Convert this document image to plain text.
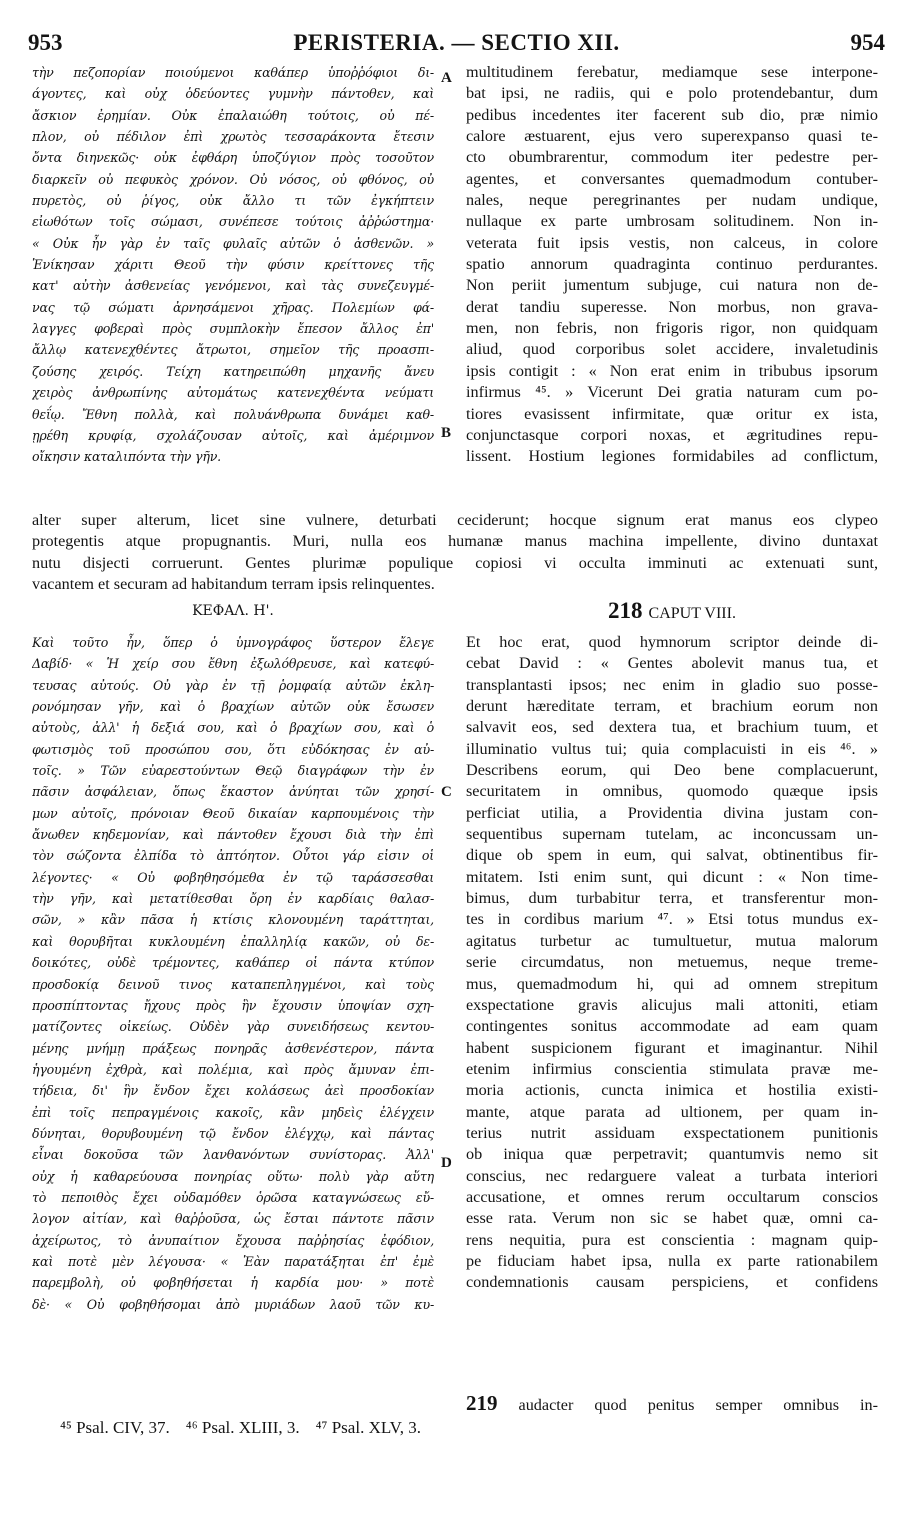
953	PERISTERIA. — SECTIO XII.	954
τὴν πεζοπορίαν ποιούμενοι καθάπερ ὑποῤῥόφιοι δι-
άγοντες, καὶ οὐχ ὁδεύοντες γυμνὴν πάντοθεν, καὶ
ἄσκιον ἐρημίαν. Οὐκ ἐπαλαιώθη τούτοις, οὐ πέ-
πλον, οὐ πέδιλον ἐπὶ χρωτὸς τεσσαράκοντα ἔτεσιν
ὄντα διηνεκῶς· οὐκ ἐφθάρη ὑποζύγιον πρὸς τοσοῦτον
διαρκεῖν οὐ πεφυκὸς χρόνον. Οὐ νόσος, οὐ φθόνος, οὐ
πυρετὸς, οὐ ῥίγος, οὐκ ἄλλο τι τῶν ἐγκήπτειν
εἰωθότων τοῖς σώμασι, συνέπεσε τούτοις ἀῤῥώστημα·
« Οὐκ ἦν γὰρ ἐν ταῖς φυλαῖς αὐτῶν ὁ ἀσθενῶν. »
Ἐνίκησαν χάριτι Θεοῦ τὴν φύσιν κρείττονες τῆς
κατ' αὐτὴν ἀσθενείας γενόμενοι, καὶ τὰς συνεζευγμέ-
νας τῷ σώματι ἀρνησάμενοι χῆρας. Πολεμίων φά-
λαγγες φοβεραὶ πρὸς συμπλοκὴν ἔπεσον ἄλλος ἐπ'
ἄλλῳ κατενεχθέντες ἄτρωτοι, σημεῖον τῆς προασπι-
ζούσης χειρός. Τείχη κατηρειπώθη μηχανῆς ἄνευ
χειρὸς ἀνθρωπίνης αὐτομάτως κατενεχθέντα νεύματι
θεΐῳ. Ἔθνη πολλὰ, καὶ πολυάνθρωπα δυνάμει καθ-
ῃρέθη κρυφίᾳ, σχολάζουσαν αὐτοῖς, καὶ ἀμέριμνον
οἴκησιν καταλιπόντα τὴν γῆν.
multitudinem ferebatur, mediamque sese interpone-
bat ipsi, ne radiis, qui e polo protendebantur, dum
pedibus incedentes iter facerent sub dio, præ nimio
calore æstuarent, ejus vero superexpanso quasi te-
cto obumbrarentur, commodum iter pedestre per-
agentes, et conversantes quemadmodum contuber-
nales, neque peregrinantes per nudam undique,
nullaque ex parte umbrosam solitudinem. Non in-
veterata fuit ipsis vestis, non calceus, in colore
spatio annorum quadraginta continuo perdurantes.
Non periit jumentum subjuge, cui natura non de-
derat tandiu superesse. Non morbus, non grava-
men, non febris, non frigoris rigor, non quidquam
aliud, quod corporibus solet accidere, invaletudinis
ipsis contigit : « Non erat enim in tribubus ipsorum
infirmus ⁴⁵. » Vicerunt Dei gratia naturam cum po-
tiores evasissent infirmitate, quæ oritur ex ista,
conjunctasque corpori noxas, et ægritudines repu-
lissent. Hostium legiones formidabiles ad conflictum,
A
B
C
D
alter super alterum, licet sine vulnere, deturbati ceciderunt; hocque signum erat manus eos clypeo
protegentis atque propugnantis. Muri, nulla eos humanæ manus machina impellente, divino duntaxat
nutu disjecti corruerunt. Gentes plurimæ populique copiosi vi occulta imminuti ac extenuati sunt,
vacantem et securam ad habitandum terram ipsis relinquentes.
ΚΕΦΑΛ. Η'.	218 CAPUT VIII.
Καὶ τοῦτο ἦν, ὅπερ ὁ ὑμνογράφος ὕστερον ἔλεγε
Δαβίδ· « Ἡ χείρ σου ἔθνη ἐξωλόθρευσε, καὶ κατεφύ-
τευσας αὐτούς. Οὐ γὰρ ἐν τῇ ῥομφαίᾳ αὐτῶν ἐκλη-
ρονόμησαν γῆν, καὶ ὁ βραχίων αὐτῶν οὐκ ἔσωσεν
αὐτοὺς, ἀλλ' ἡ δεξιά σου, καὶ ὁ βραχίων σου, καὶ ὁ
φωτισμὸς τοῦ προσώπου σου, ὅτι εὐδόκησας ἐν αὐ-
τοῖς. » Τῶν εὐαρεστούντων Θεῷ διαγράφων τὴν ἐν
πᾶσιν ἀσφάλειαν, ὅπως ἕκαστον ἀνύηται τῶν χρησί-
μων αὐτοῖς, πρόνοιαν Θεοῦ δικαίαν καρπουμένοις τὴν
ἄνωθεν κηδεμονίαν, καὶ πάντοθεν ἔχουσι διὰ τὴν ἐπὶ
τὸν σώζοντα ἐλπίδα τὸ ἀπτόητον. Οὗτοι γάρ εἰσιν οἱ
λέγοντες· « Οὐ φοβηθησόμεθα ἐν τῷ ταράσσεσθαι
τὴν γῆν, καὶ μετατίθεσθαι ὄρη ἐν καρδίαις θαλασ-
σῶν, » κἂν πᾶσα ἡ κτίσις κλονουμένη ταράττηται,
καὶ θορυβῆται κυκλουμένη ἐπαλληλίᾳ κακῶν, οὐ δε-
δοικότες, οὐδὲ τρέμοντες, καθάπερ οἱ πάντα κτύπον
προσδοκίᾳ δεινοῦ τινος καταπεπληγμένοι, καὶ τοὺς
προσπίπτοντας ἤχους πρὸς ἣν ἔχουσιν ὑποψίαν σχη-
ματίζοντες οἰκείως. Οὐδὲν γὰρ συνειδήσεως κεντου-
μένης μνήμῃ πράξεως πονηρᾶς ἀσθενέστερον, πάντα
ἡγουμένη ἐχθρὰ, καὶ πολέμια, καὶ πρὸς ἄμυναν ἐπι-
τήδεια, δι' ἣν ἔνδον ἔχει κολάσεως ἀεὶ προσδοκίαν
ἐπὶ τοῖς πεπραγμένοις κακοῖς, κἂν μηδεὶς ἐλέγχειν
δύνηται, θορυβουμένη τῷ ἔνδον ἐλέγχῳ, καὶ πάντας
εἶναι δοκοῦσα τῶν λανθανόντων συνίστορας. Ἀλλ'
οὐχ ἡ καθαρεύουσα πονηρίας οὕτω· πολὺ γὰρ αὕτη
τὸ πεποιθὸς ἔχει οὐδαμόθεν ὁρῶσα καταγνώσεως εὔ-
λογον αἰτίαν, καὶ θαῤῥοῦσα, ὡς ἔσται πάντοτε πᾶσιν
ἀχείρωτος, τὸ ἀνυπαίτιον ἔχουσα παῤῥησίας ἐφόδιον,
καὶ ποτὲ μὲν λέγουσα· « Ἐὰν παρατάξηται ἐπ' ἐμὲ
παρεμβολὴ, οὐ φοβηθήσεται ἡ καρδία μου· » ποτὲ
δὲ· « Οὐ φοβηθήσομαι ἀπὸ μυριάδων λαοῦ τῶν κυ-
Et hoc erat, quod hymnorum scriptor deinde di-
cebat David : « Gentes abolevit manus tua, et
transplantasti ipsos; nec enim in gladio suo posse-
derunt hæreditate terram, et brachium eorum non
salvavit eos, sed dextera tua, et brachium tuum, et
illuminatio vultus tui; quia complacuisti in eis ⁴⁶. »
Describens eorum, qui Deo bene complacuerunt,
securitatem in omnibus, quomodo quæque ipsis
perficiat utilia, a Providentia divina justam con-
sequentibus supernam tutelam, ac inconcussam un-
dique ob spem in eum, qui salvat, obtinentibus fir-
mitatem. Isti enim sunt, qui dicunt : « Non time-
bimus, dum turbabitur terra, et transferentur mon-
tes in cordibus marium ⁴⁷. » Etsi totus mundus ex-
agitatus turbetur ac tumultuetur, mutua malorum
serie circumdatus, non metuemus, neque treme-
mus, quemadmodum hi, qui ad omnem strepitum
exspectatione gravis alicujus mali attoniti, etiam
contingentes sonitus accommodate ad eam quam
habent suspicionem figurant et imaginantur. Nihil
etenim infirmius conscientia stimulata pravæ me-
moria actionis, cuncta inimica et hostilia existi-
mante, atque parata ad ultionem, per quam in-
terius nutrit assiduam exspectationem punitionis
ob iniqua quæ perpetravit; quantumvis nemo sit
conscius, nec redarguere valeat a turbata interiori
accusatione, et omnes rerum occultarum conscios
esse rata. Verum non sic se habet quæ, omni ca-
rens nequitia, pura est conscientia : magnam quip-
pe fiduciam habet ipsa, nulla ex parte rationabilem
condemnationis causam perspiciens, et confidens
219 audacter quod penitus semper omnibus in-
⁴⁵ Psal. CIV, 37. ⁴⁶ Psal. XLIII, 3. ⁴⁷ Psal. XLV, 3.
